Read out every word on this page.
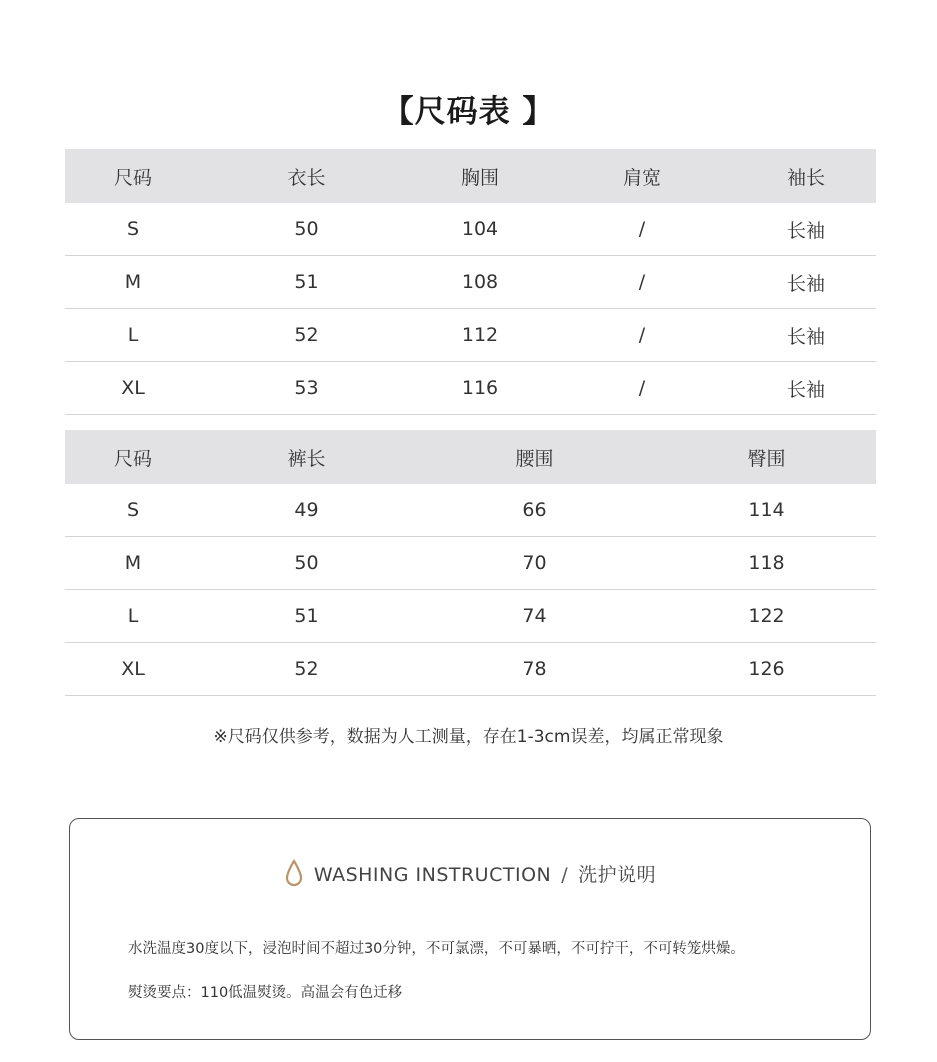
【尺码表 】
尺码	衣长	胸围	肩宽	袖长
S	50	104	/	长袖
M	51	108	/	长袖
L	52	112	/	长袖
XL	53	116	/	长袖
尺码	裤长	腰围	臀围
S	49	66	114
M	50	70	118
L	51	74	122
XL	52	78	126
※尺码仅供参考，数据为人工测量，存在1-3cm误差，均属正常现象
WASHING INSTRUCTION / 洗护说明
水洗温度30度以下，浸泡时间不超过30分钟，不可氯漂，不可暴晒，不可拧干，不可转笼烘燥。
熨烫要点：110低温熨烫。高温会有色迁移
